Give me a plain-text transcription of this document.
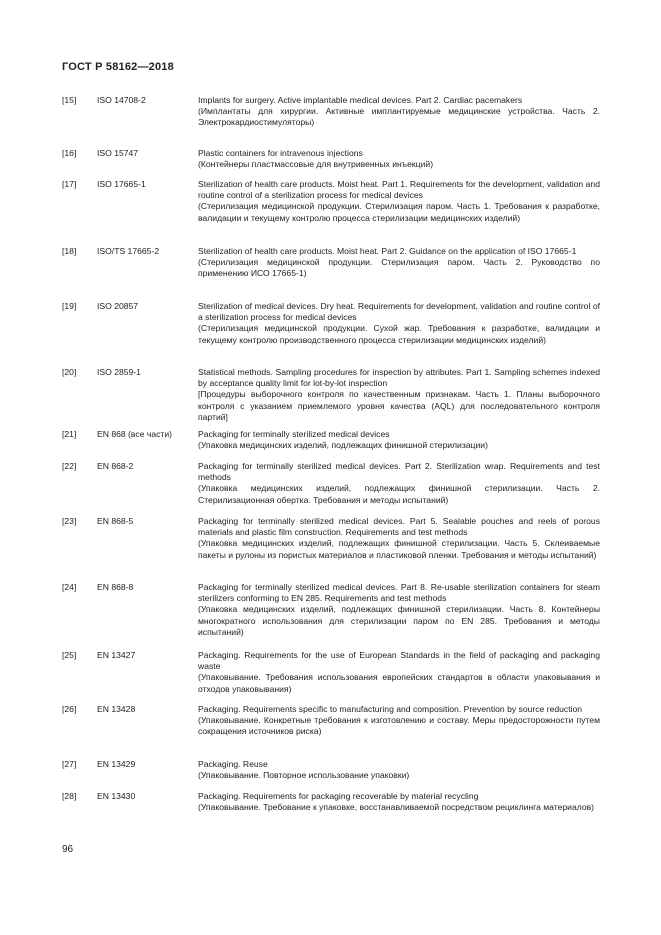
ГОСТ Р 58162—2018
[15] ISO 14708-2	Implants for surgery. Active implantable medical devices. Part 2. Cardiac pacemakers
(Имплантаты для хирургии. Активные имплантируемые медицинские устройства. Часть 2. Электрокардиостимуляторы)
[16] ISO 15747	Plastic containers for intravenous injections
(Контейнеры пластмассовые для внутривенных инъекций)
[17] ISO 17665-1	Sterilization of health care products. Moist heat. Part 1. Requirements for the development, validation and routine control of a sterilization process for medical devices
(Стерилизация медицинской продукции. Стерилизация паром. Часть 1. Требования к разработке, валидации и текущему контролю процесса стерилизации медицинских изделий)
[18] ISO/TS 17665-2	Sterilization of health care products. Moist heat. Part 2. Guidance on the application of ISO 17665-1
(Стерилизация медицинской продукции. Стерилизация паром. Часть 2. Руководство по применению ИСО 17665-1)
[19] ISO 20857	Sterilization of medical devices. Dry heat. Requirements for development, validation and routine control of a sterilization process for medical devices
(Стерилизация медицинской продукции. Сухой жар. Требования к разработке, валидации и текущему контролю производственного процесса стерилизации медицинских изделий)
[20] ISO 2859-1	Statistical methods. Sampling procedures for inspection by attributes. Part 1. Sampling schemes indexed by acceptance quality limit for lot-by-lot inspection
[Процедуры выборочного контроля по качественным признакам. Часть 1. Планы выборочного контроля с указанием приемлемого уровня качества (AQL) для последовательного контроля партий]
[21] EN 868 (все части)	Packaging for terminally sterilized medical devices
(Упаковка медицинских изделий, подлежащих финишной стерилизации)
[22] EN 868-2	Packaging for terminally sterilized medical devices. Part 2. Sterilization wrap. Requirements and test methods
(Упаковка медицинских изделий, подлежащих финишной стерилизации. Часть 2. Стерилизационная обертка. Требования и методы испытаний)
[23] EN 868-5	Packaging for terminally sterilized medical devices. Part 5. Sealable pouches and reels of porous materials and plastic film construction. Requirements and test methods
(Упаковка медицинских изделий, подлежащих финишной стерилизации. Часть 5. Склеиваемые пакеты и рулоны из пористых материалов и пластиковой пленки. Требования и методы испытаний)
[24] EN 868-8	Packaging for terminally sterilized medical devices. Part 8. Re-usable sterilization containers for steam sterilizers conforming to EN 285. Requirements and test methods
(Упаковка медицинских изделий, подлежащих финишной стерилизации. Часть 8. Контейнеры многократного использования для стерилизации паром по EN 285. Требования и методы испытаний)
[25] EN 13427	Packaging. Requirements for the use of European Standards in the field of packaging and packaging waste
(Упаковывание. Требования использования европейских стандартов в области упаковывания и отходов упаковывания)
[26] EN 13428	Packaging. Requirements specific to manufacturing and composition. Prevention by source reduction
(Упаковывание. Конкретные требования к изготовлению и составу. Меры предосторожности путем сокращения источников риска)
[27] EN 13429	Packaging. Reuse
(Упаковывание. Повторное использование упаковки)
[28] EN 13430	Packaging. Requirements for packaging recoverable by material recycling
(Упаковывание. Требование к упаковке, восстанавливаемой посредством рециклинга материалов)
96
